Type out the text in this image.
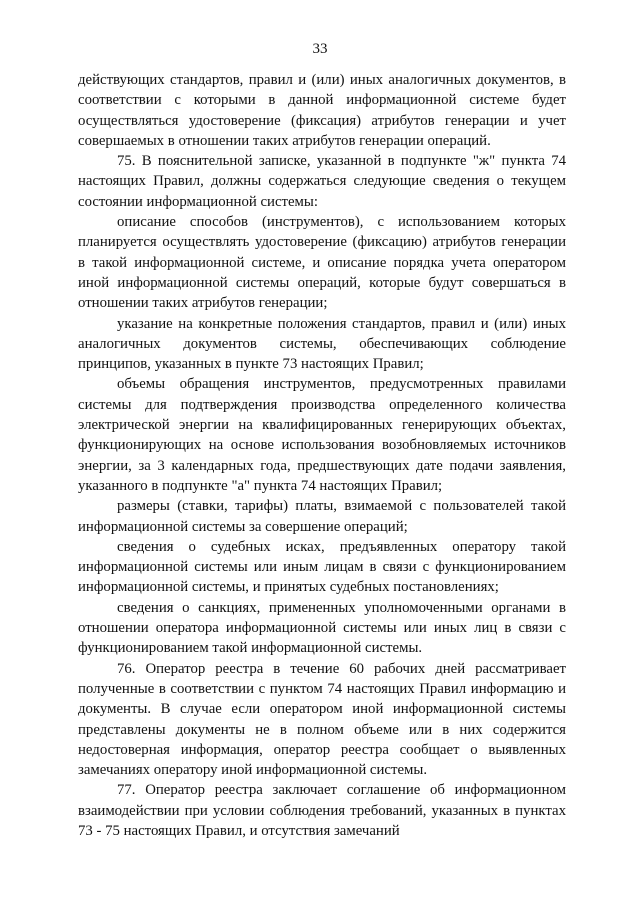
33

действующих стандартов, правил и (или) иных аналогичных документов, в соответствии с которыми в данной информационной системе будет осуществляться удостоверение (фиксация) атрибутов генерации и учет совершаемых в отношении таких атрибутов генерации операций.

75. В пояснительной записке, указанной в подпункте "ж" пункта 74 настоящих Правил, должны содержаться следующие сведения о текущем состоянии информационной системы:

описание способов (инструментов), с использованием которых планируется осуществлять удостоверение (фиксацию) атрибутов генерации в такой информационной системе, и описание порядка учета оператором иной информационной системы операций, которые будут совершаться в отношении таких атрибутов генерации;

указание на конкретные положения стандартов, правил и (или) иных аналогичных документов системы, обеспечивающих соблюдение принципов, указанных в пункте 73 настоящих Правил;

объемы обращения инструментов, предусмотренных правилами системы для подтверждения производства определенного количества электрической энергии на квалифицированных генерирующих объектах, функционирующих на основе использования возобновляемых источников энергии, за 3 календарных года, предшествующих дате подачи заявления, указанного в подпункте "а" пункта 74 настоящих Правил;

размеры (ставки, тарифы) платы, взимаемой с пользователей такой информационной системы за совершение операций;

сведения о судебных исках, предъявленных оператору такой информационной системы или иным лицам в связи с функционированием информационной системы, и принятых судебных постановлениях;

сведения о санкциях, примененных уполномоченными органами в отношении оператора информационной системы или иных лиц в связи с функционированием такой информационной системы.

76. Оператор реестра в течение 60 рабочих дней рассматривает полученные в соответствии с пунктом 74 настоящих Правил информацию и документы. В случае если оператором иной информационной системы представлены документы не в полном объеме или в них содержится недостоверная информация, оператор реестра сообщает о выявленных замечаниях оператору иной информационной системы.

77. Оператор реестра заключает соглашение об информационном взаимодействии при условии соблюдения требований, указанных в пунктах 73 - 75 настоящих Правил, и отсутствия замечаний
